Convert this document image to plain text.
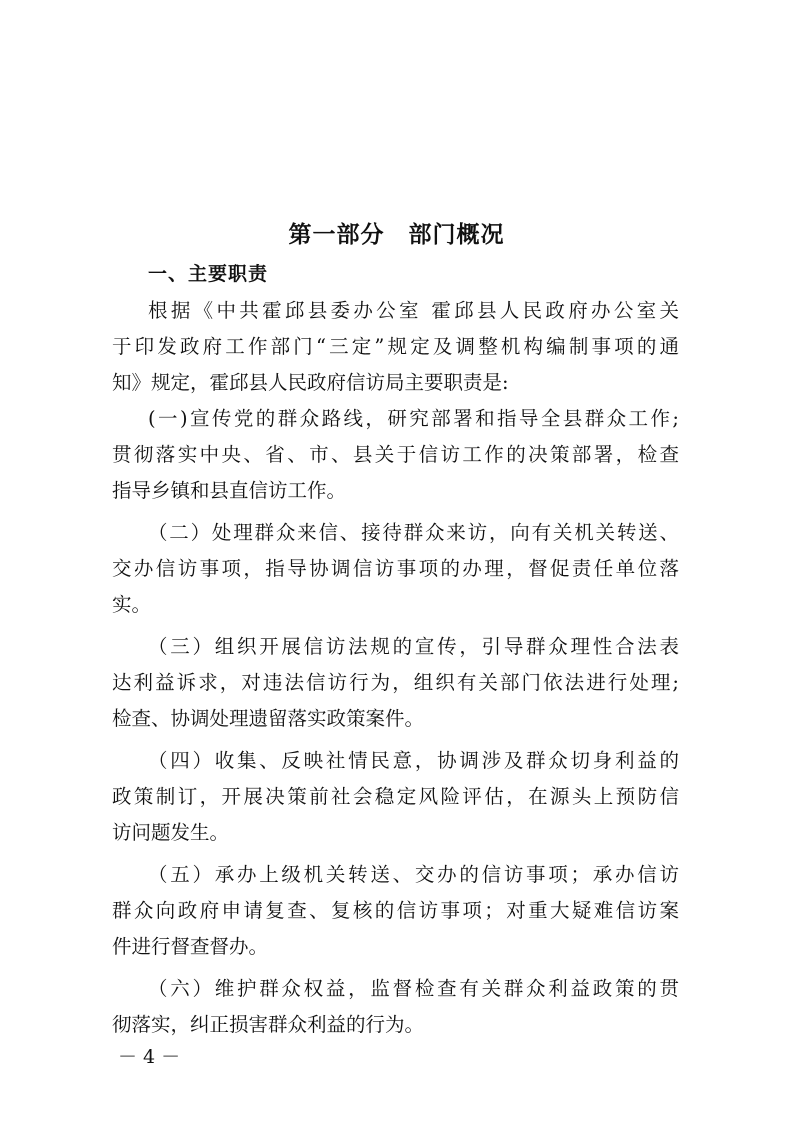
第一部分　部门概况
一、主要职责
根据《中共霍邱县委办公室 霍邱县人民政府办公室关
于印发政府工作部门“三定”规定及调整机构编制事项的通
知》规定，霍邱县人民政府信访局主要职责是:
(一)宣传党的群众路线，研究部署和指导全县群众工作;
贯彻落实中央、省、市、县关于信访工作的决策部署，检查
指导乡镇和县直信访工作。
（二）处理群众来信、接待群众来访，向有关机关转送、
交办信访事项，指导协调信访事项的办理，督促责任单位落
实。
（三）组织开展信访法规的宣传，引导群众理性合法表
达利益诉求，对违法信访行为，组织有关部门依法进行处理;
检查、协调处理遗留落实政策案件。
（四）收集、反映社情民意，协调涉及群众切身利益的
政策制订，开展决策前社会稳定风险评估，在源头上预防信
访问题发生。
（五）承办上级机关转送、交办的信访事项；承办信访
群众向政府申请复查、复核的信访事项；对重大疑难信访案
件进行督查督办。
（六）维护群众权益，监督检查有关群众利益政策的贯
彻落实，纠正损害群众利益的行为。
－ 4 －
